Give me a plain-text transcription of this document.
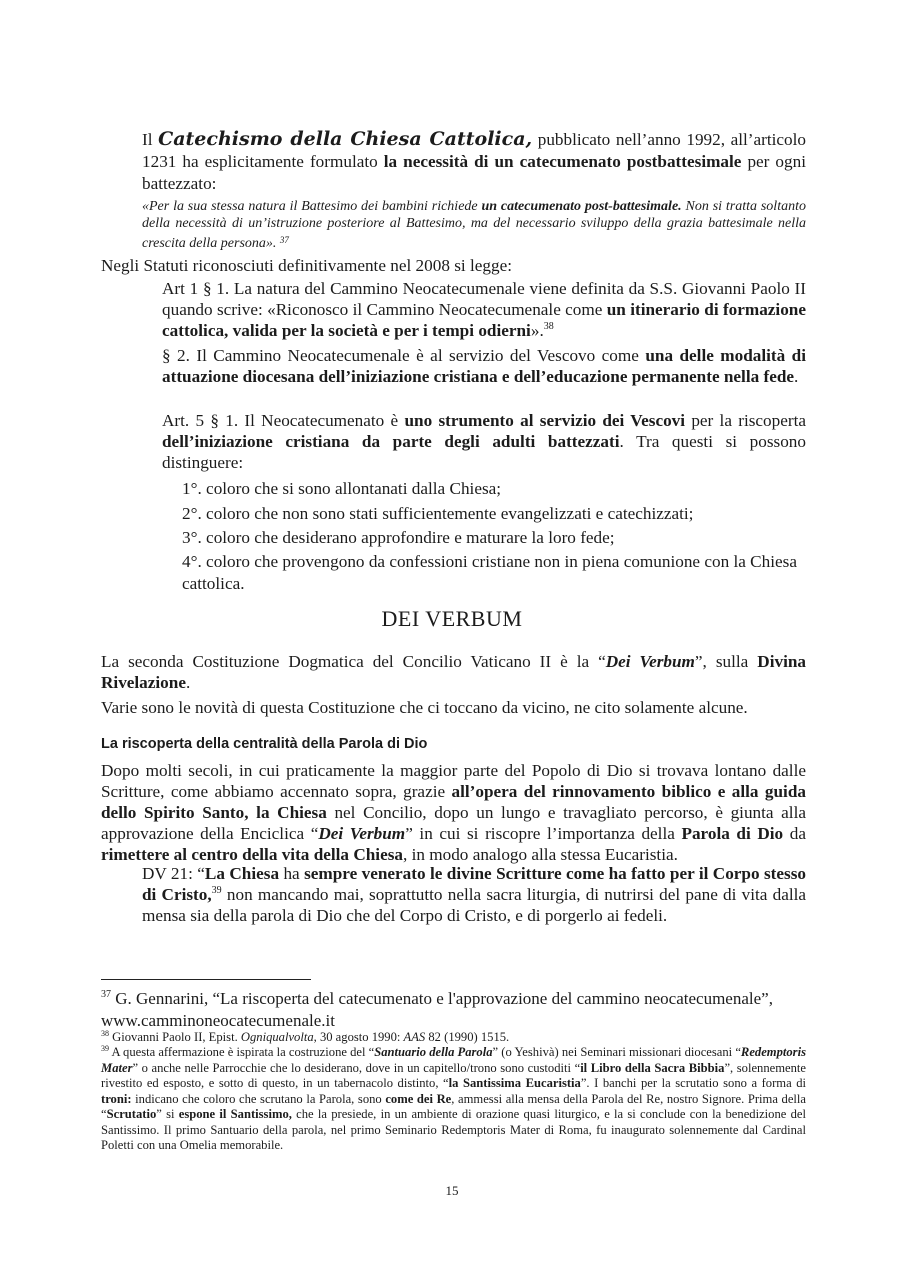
Il Catechismo della Chiesa Cattolica, pubblicato nell’anno 1992, all’articolo 1231 ha esplicitamente formulato la necessità di un catecumenato postbattesimale per ogni battezzato:

«Per la sua stessa natura il Battesimo dei bambini richiede un catecumenato post-battesimale. Non si tratta soltanto della necessità di un’istruzione posteriore al Battesimo, ma del necessario sviluppo della grazia battesimale nella crescita della persona». $^{37}$

Negli Statuti riconosciuti definitivamente nel 2008 si legge:

Art 1 § 1. La natura del Cammino Neocatecumenale viene definita da S.S. Giovanni Paolo II quando scrive: «Riconosco il Cammino Neocatecumenale come un itinerario di formazione cattolica, valida per la società e per i tempi odierni».$^{38}$

§ 2. Il Cammino Neocatecumenale è al servizio del Vescovo come una delle modalità di attuazione diocesana dell’iniziazione cristiana e dell’educazione permanente nella fede.

Art. 5 § 1. Il Neocatecumenato è uno strumento al servizio dei Vescovi per la riscoperta dell’iniziazione cristiana da parte degli adulti battezzati. Tra questi si possono distinguere:

1°. coloro che si sono allontanati dalla Chiesa;

2°. coloro che non sono stati sufficientemente evangelizzati e catechizzati;

3°. coloro che desiderano approfondire e maturare la loro fede;

4°. coloro che provengono da confessioni cristiane non in piena comunione con la Chiesa cattolica.

DEI VERBUM

La seconda Costituzione Dogmatica del Concilio Vaticano II è la “Dei Verbum”, sulla Divina Rivelazione.

Varie sono le novità di questa Costituzione che ci toccano da vicino, ne cito solamente alcune.

La riscoperta della centralità della Parola di Dio

Dopo molti secoli, in cui praticamente la maggior parte del Popolo di Dio si trovava lontano dalle Scritture, come abbiamo accennato sopra, grazie all’opera del rinnovamento biblico e alla guida dello Spirito Santo, la Chiesa nel Concilio, dopo un lungo e travagliato percorso, è giunta alla approvazione della Enciclica “Dei Verbum” in cui si riscopre l’importanza della Parola di Dio da rimettere al centro della vita della Chiesa, in modo analogo alla stessa Eucaristia.

DV 21: “La Chiesa ha sempre venerato le divine Scritture come ha fatto per il Corpo stesso di Cristo,$^{39}$ non mancando mai, soprattutto nella sacra liturgia, di nutrirsi del pane di vita dalla mensa sia della parola di Dio che del Corpo di Cristo, e di porgerlo ai fedeli.

$^{37}$ G. Gennarini, “La riscoperta del catecumenato e l'approvazione del cammino neocatecumenale”, www.camminoneocatecumenale.it

$^{38}$ Giovanni Paolo II, Epist. Ogniqualvolta, 30 agosto 1990: AAS 82 (1990) 1515.

$^{39}$ A questa affermazione è ispirata la costruzione del “Santuario della Parola” (o Yeshivà) nei Seminari missionari diocesani “Redemptoris Mater” o anche nelle Parrocchie che lo desiderano, dove in un capitello/trono sono custoditi “il Libro della Sacra Bibbia”, solennemente rivestito ed esposto, e sotto di questo, in un tabernacolo distinto, “la Santissima Eucaristia”. I banchi per la scrutatio sono a forma di troni: indicano che coloro che scrutano la Parola, sono come dei Re, ammessi alla mensa della Parola del Re, nostro Signore. Prima della “Scrutatio” si espone il Santissimo, che la presiede, in un ambiente di orazione quasi liturgico, e la si conclude con la benedizione del Santissimo. Il primo Santuario della parola, nel primo Seminario Redemptoris Mater di Roma, fu inaugurato solennemente dal Cardinal Poletti con una Omelia memorabile.

15
